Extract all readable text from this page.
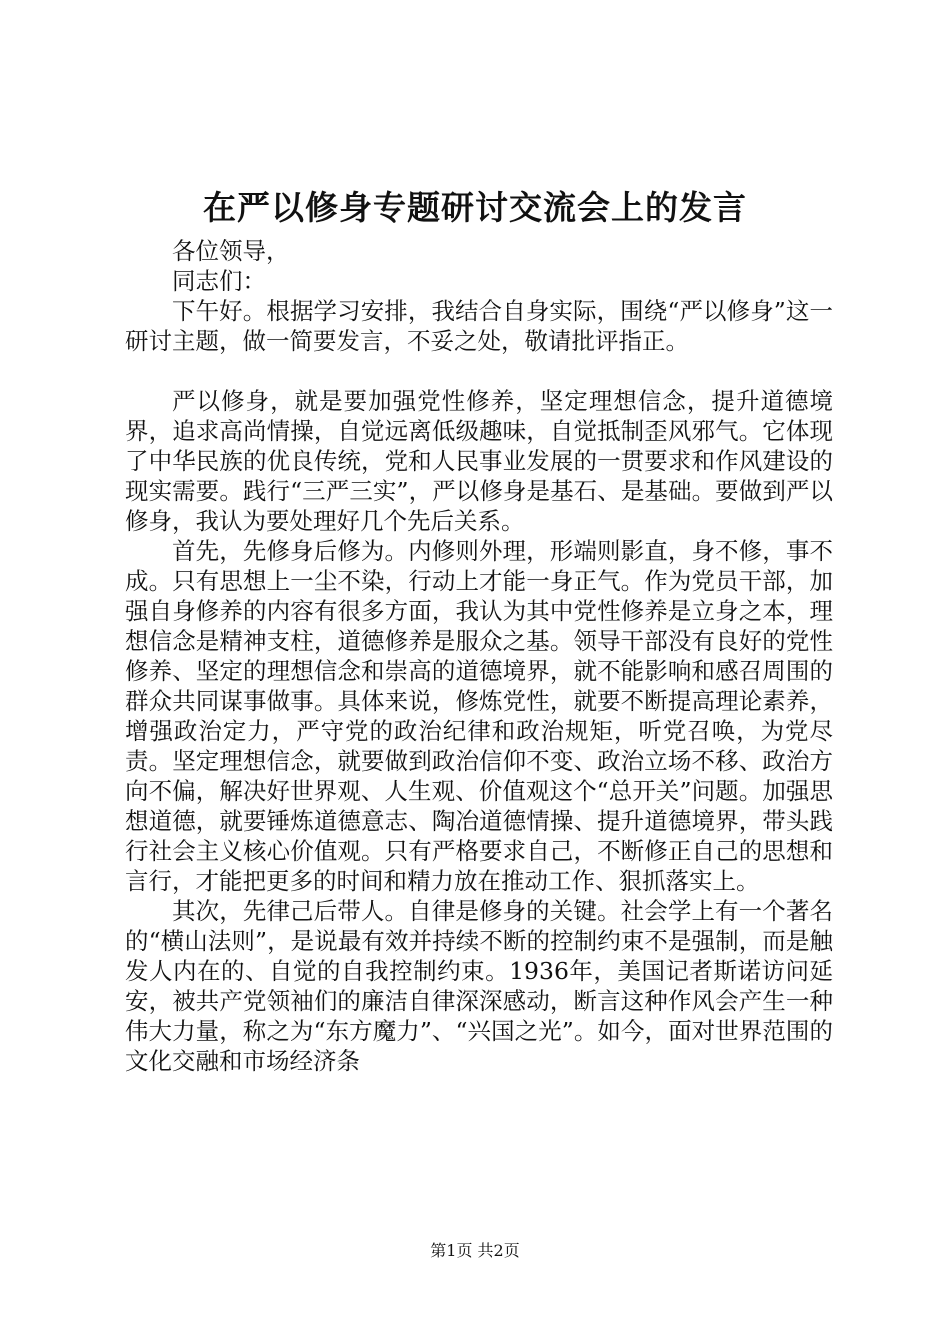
在严以修身专题研讨交流会上的发言

各位领导，

同志们：

下午好。根据学习安排，我结合自身实际，围绕“严以修身”这一研讨主题，做一简要发言，不妥之处，敬请批评指正。

严以修身，就是要加强党性修养，坚定理想信念，提升道德境界，追求高尚情操，自觉远离低级趣味，自觉抵制歪风邪气。它体现了中华民族的优良传统，党和人民事业发展的一贯要求和作风建设的现实需要。践行“三严三实”，严以修身是基石、是基础。要做到严以修身，我认为要处理好几个先后关系。

首先，先修身后修为。内修则外理，形端则影直，身不修，事不成。只有思想上一尘不染，行动上才能一身正气。作为党员干部，加强自身修养的内容有很多方面，我认为其中党性修养是立身之本，理想信念是精神支柱，道德修养是服众之基。领导干部没有良好的党性修养、坚定的理想信念和崇高的道德境界，就不能影响和感召周围的群众共同谋事做事。具体来说，修炼党性，就要不断提高理论素养，增强政治定力，严守党的政治纪律和政治规矩，听党召唤，为党尽责。坚定理想信念，就要做到政治信仰不变、政治立场不移、政治方向不偏，解决好世界观、人生观、价值观这个“总开关”问题。加强思想道德，就要锤炼道德意志、陶冶道德情操、提升道德境界，带头践行社会主义核心价值观。只有严格要求自己，不断修正自己的思想和言行，才能把更多的时间和精力放在推动工作、狠抓落实上。

其次，先律己后带人。自律是修身的关键。社会学上有一个著名的“横山法则”，是说最有效并持续不断的控制约束不是强制，而是触发人内在的、自觉的自我控制约束。1936年，美国记者斯诺访问延安，被共产党领袖们的廉洁自律深深感动，断言这种作风会产生一种伟大力量，称之为“东方魔力”、“兴国之光”。如今，面对世界范围的文化交融和市场经济条

第1页 共2页
